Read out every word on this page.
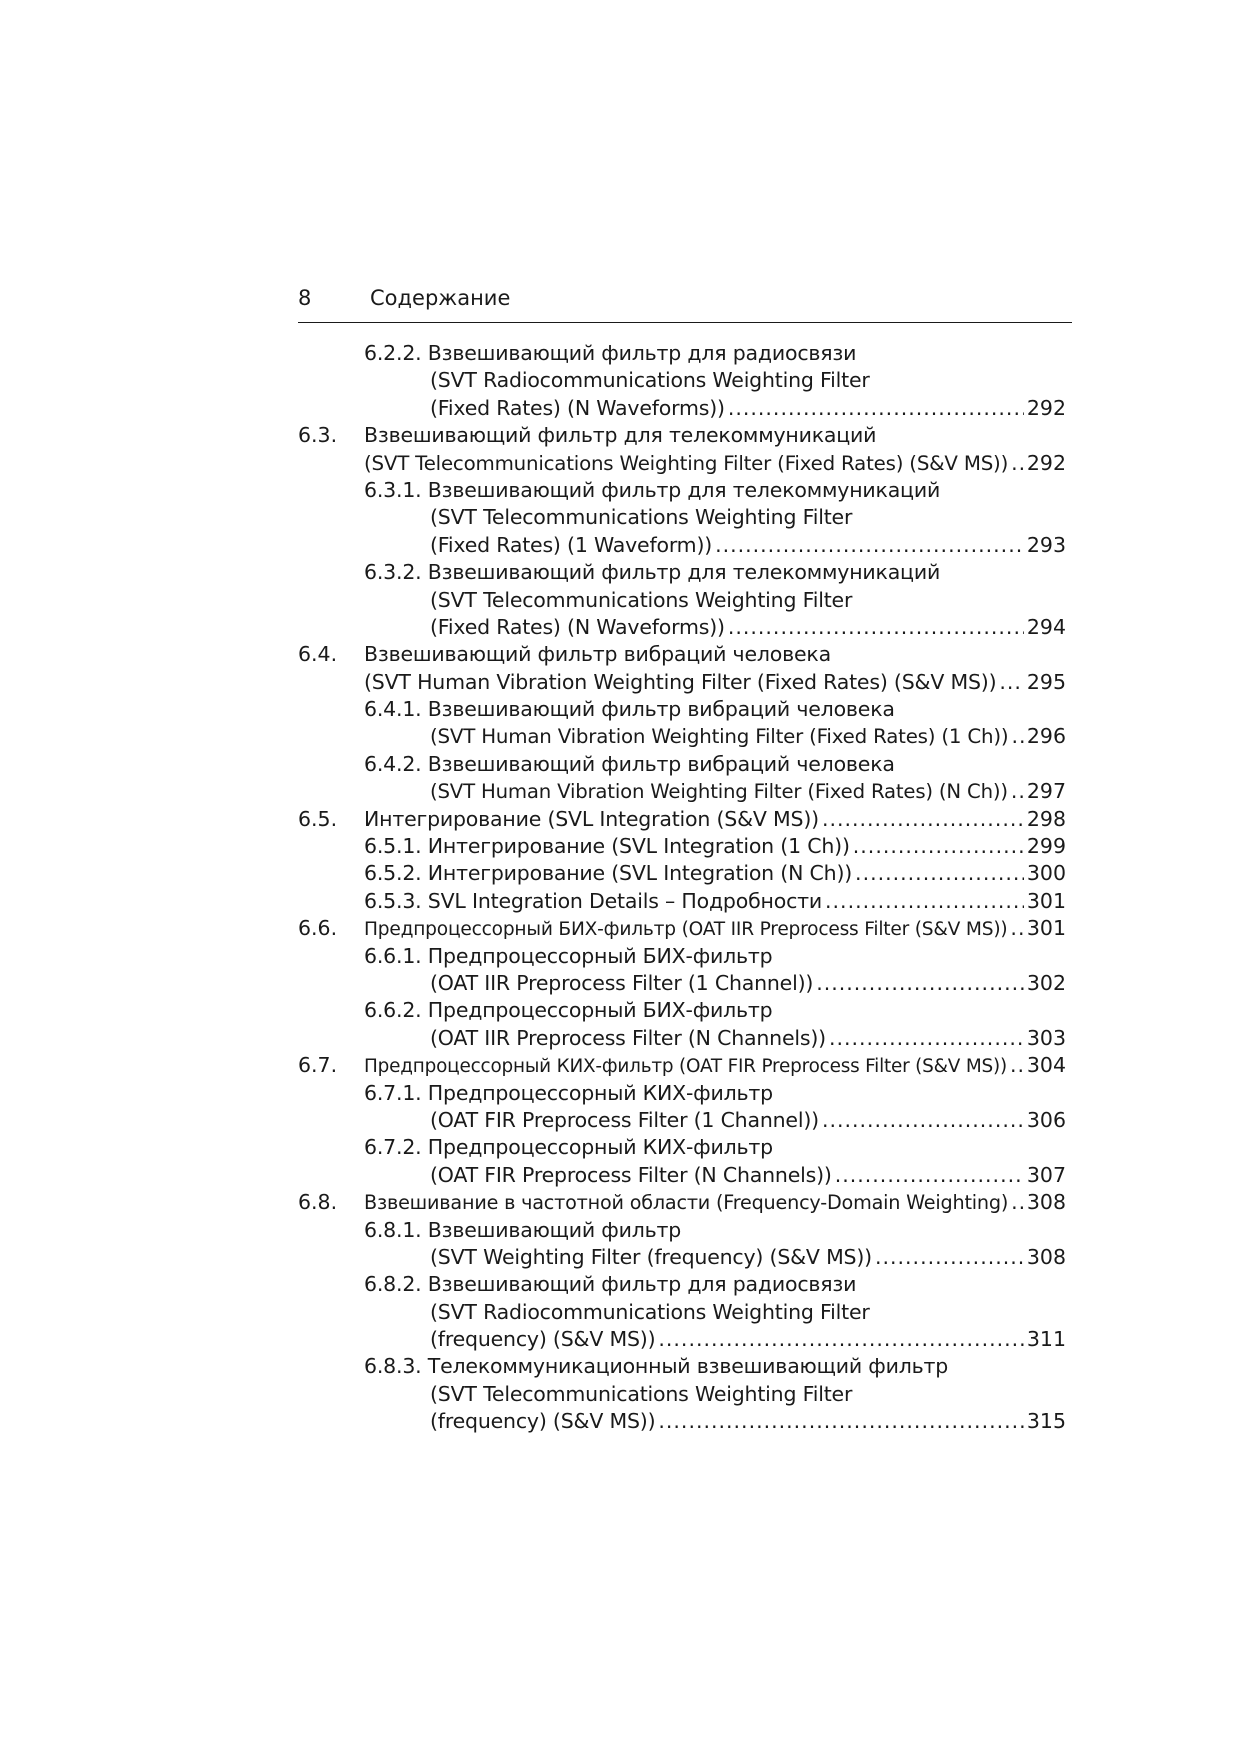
8	Содержание
6.2.2. Взвешивающий фильтр для радиосвязи
(SVT Radiocommunications Weighting Filter
(Fixed Rates) (N Waveforms)) .....	292
6.3. Взвешивающий фильтр для телекоммуникаций
(SVT Telecommunications Weighting Filter (Fixed Rates) (S&V MS)) ..... 292
6.3.1. Взвешивающий фильтр для телекоммуникаций
(SVT Telecommunications Weighting Filter
(Fixed Rates) (1 Waveform)) .....	293
6.3.2. Взвешивающий фильтр для телекоммуникаций
(SVT Telecommunications Weighting Filter
(Fixed Rates) (N Waveforms)) .....	294
6.4. Взвешивающий фильтр вибраций человека
(SVT Human Vibration Weighting Filter (Fixed Rates) (S&V MS)) ..... 295
6.4.1. Взвешивающий фильтр вибраций человека
(SVT Human Vibration Weighting Filter (Fixed Rates) (1 Ch)) ..... 296
6.4.2. Взвешивающий фильтр вибраций человека
(SVT Human Vibration Weighting Filter (Fixed Rates) (N Ch)) ..... 297
6.5. Интегрирование (SVL Integration (S&V MS)) .....	298
6.5.1. Интегрирование (SVL Integration (1 Ch)) .....	299
6.5.2. Интегрирование (SVL Integration (N Ch)) .....	300
6.5.3. SVL Integration Details – Подробности .....	301
6.6. Предпроцессорный БИХ-фильтр (OAT IIR Preprocess Filter (S&V MS)) ..... 301
6.6.1. Предпроцессорный БИХ-фильтр
(OAT IIR Preprocess Filter (1 Channel)) .....	302
6.6.2. Предпроцессорный БИХ-фильтр
(OAT IIR Preprocess Filter (N Channels)) .....	303
6.7. Предпроцессорный КИХ-фильтр (OAT FIR Preprocess Filter (S&V MS)) ..... 304
6.7.1. Предпроцессорный КИХ-фильтр
(OAT FIR Preprocess Filter (1 Channel)) .....	306
6.7.2. Предпроцессорный КИХ-фильтр
(OAT FIR Preprocess Filter (N Channels)) .....	307
6.8. Взвешивание в частотной области (Frequency-Domain Weighting) ..... 308
6.8.1. Взвешивающий фильтр
(SVT Weighting Filter (frequency) (S&V MS)) .....	308
6.8.2. Взвешивающий фильтр для радиосвязи
(SVT Radiocommunications Weighting Filter
(frequency) (S&V MS)) .....	311
6.8.3. Телекоммуникационный взвешивающий фильтр
(SVT Telecommunications Weighting Filter
(frequency) (S&V MS)) .....	315
